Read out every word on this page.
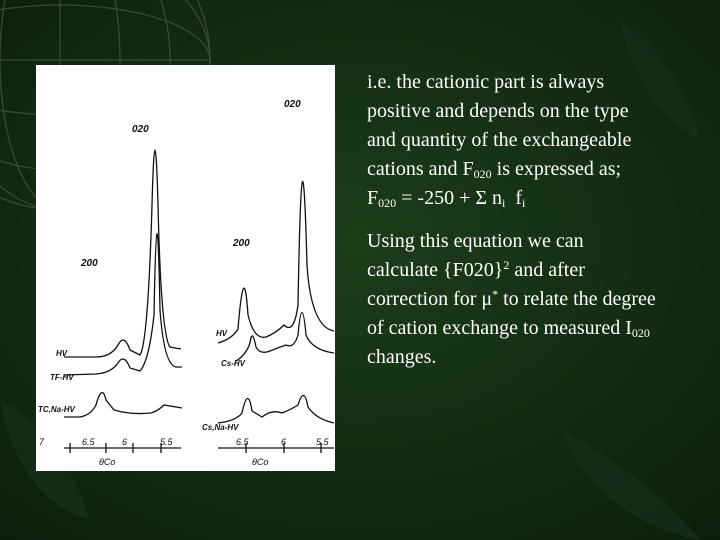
020
200
020
200
HV
TF-HV
TC,Na-HV
HV
Cs-HV
Cs,Na-HV
7	6.5	6	5.5	6.5	6	5.5
θCo	θCo

i.e. the cationic part is always
positive and depends on the type
and quantity of the exchangeable
cations and $F_{020}$ is expressed as;
$F_{020} = -250 + \Sigma$ $n_i$  $f_i$

Using this equation we can
calculate $\{F020\}^2$ and after
correction for μ* to relate the degree
of cation exchange to measured $I_{020}$
changes.
